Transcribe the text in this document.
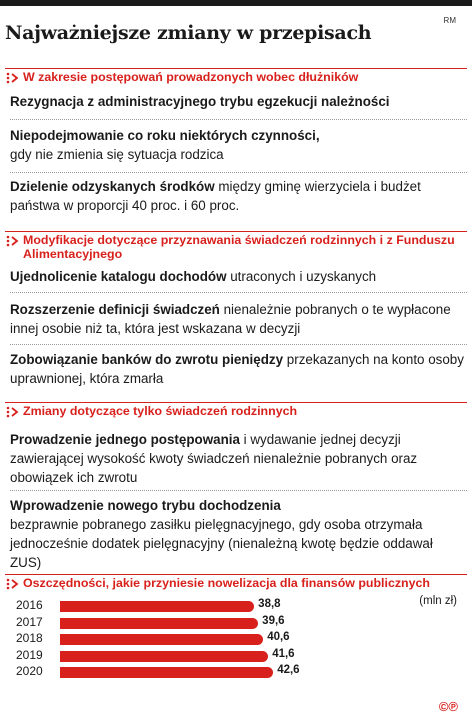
Najważniejsze zmiany w przepisach
RM
W zakresie postępowań prowadzonych wobec dłużników
Rezygnacja z administracyjnego trybu egzekucji należności
Niepodejmowanie co roku niektórych czynności,
gdy nie zmienia się sytuacja rodzica
Dzielenie odzyskanych środków między gminę wierzyciela i budżet państwa w proporcji 40 proc. i 60 proc.
Modyfikacje dotyczące przyznawania świadczeń rodzinnych i z Funduszu Alimentacyjnego
Ujednolicenie katalogu dochodów utraconych i uzyskanych
Rozszerzenie definicji świadczeń nienależnie pobranych o te wypłacone innej osobie niż ta, która jest wskazana w decyzji
Zobowiązanie banków do zwrotu pieniędzy przekazanych na konto osoby uprawnionej, która zmarła
Zmiany dotyczące tylko świadczeń rodzinnych
Prowadzenie jednego postępowania i wydawanie jednej decyzji zawierającej wysokość kwoty świadczeń nienależnie pobranych oraz obowiązek ich zwrotu
Wprowadzenie nowego trybu dochodzenia
bezprawnie pobranego zasiłku pielęgnacyjnego, gdy osoba otrzymała jednocześnie dodatek pielęgnacyjny (nienależną kwotę będzie oddawał ZUS)
Oszczędności, jakie przyniesie nowelizacja dla finansów publicznych
(mln zł)
2016	38,8
2017	39,6
2018	40,6
2019	41,6
2020	42,6
©℗
